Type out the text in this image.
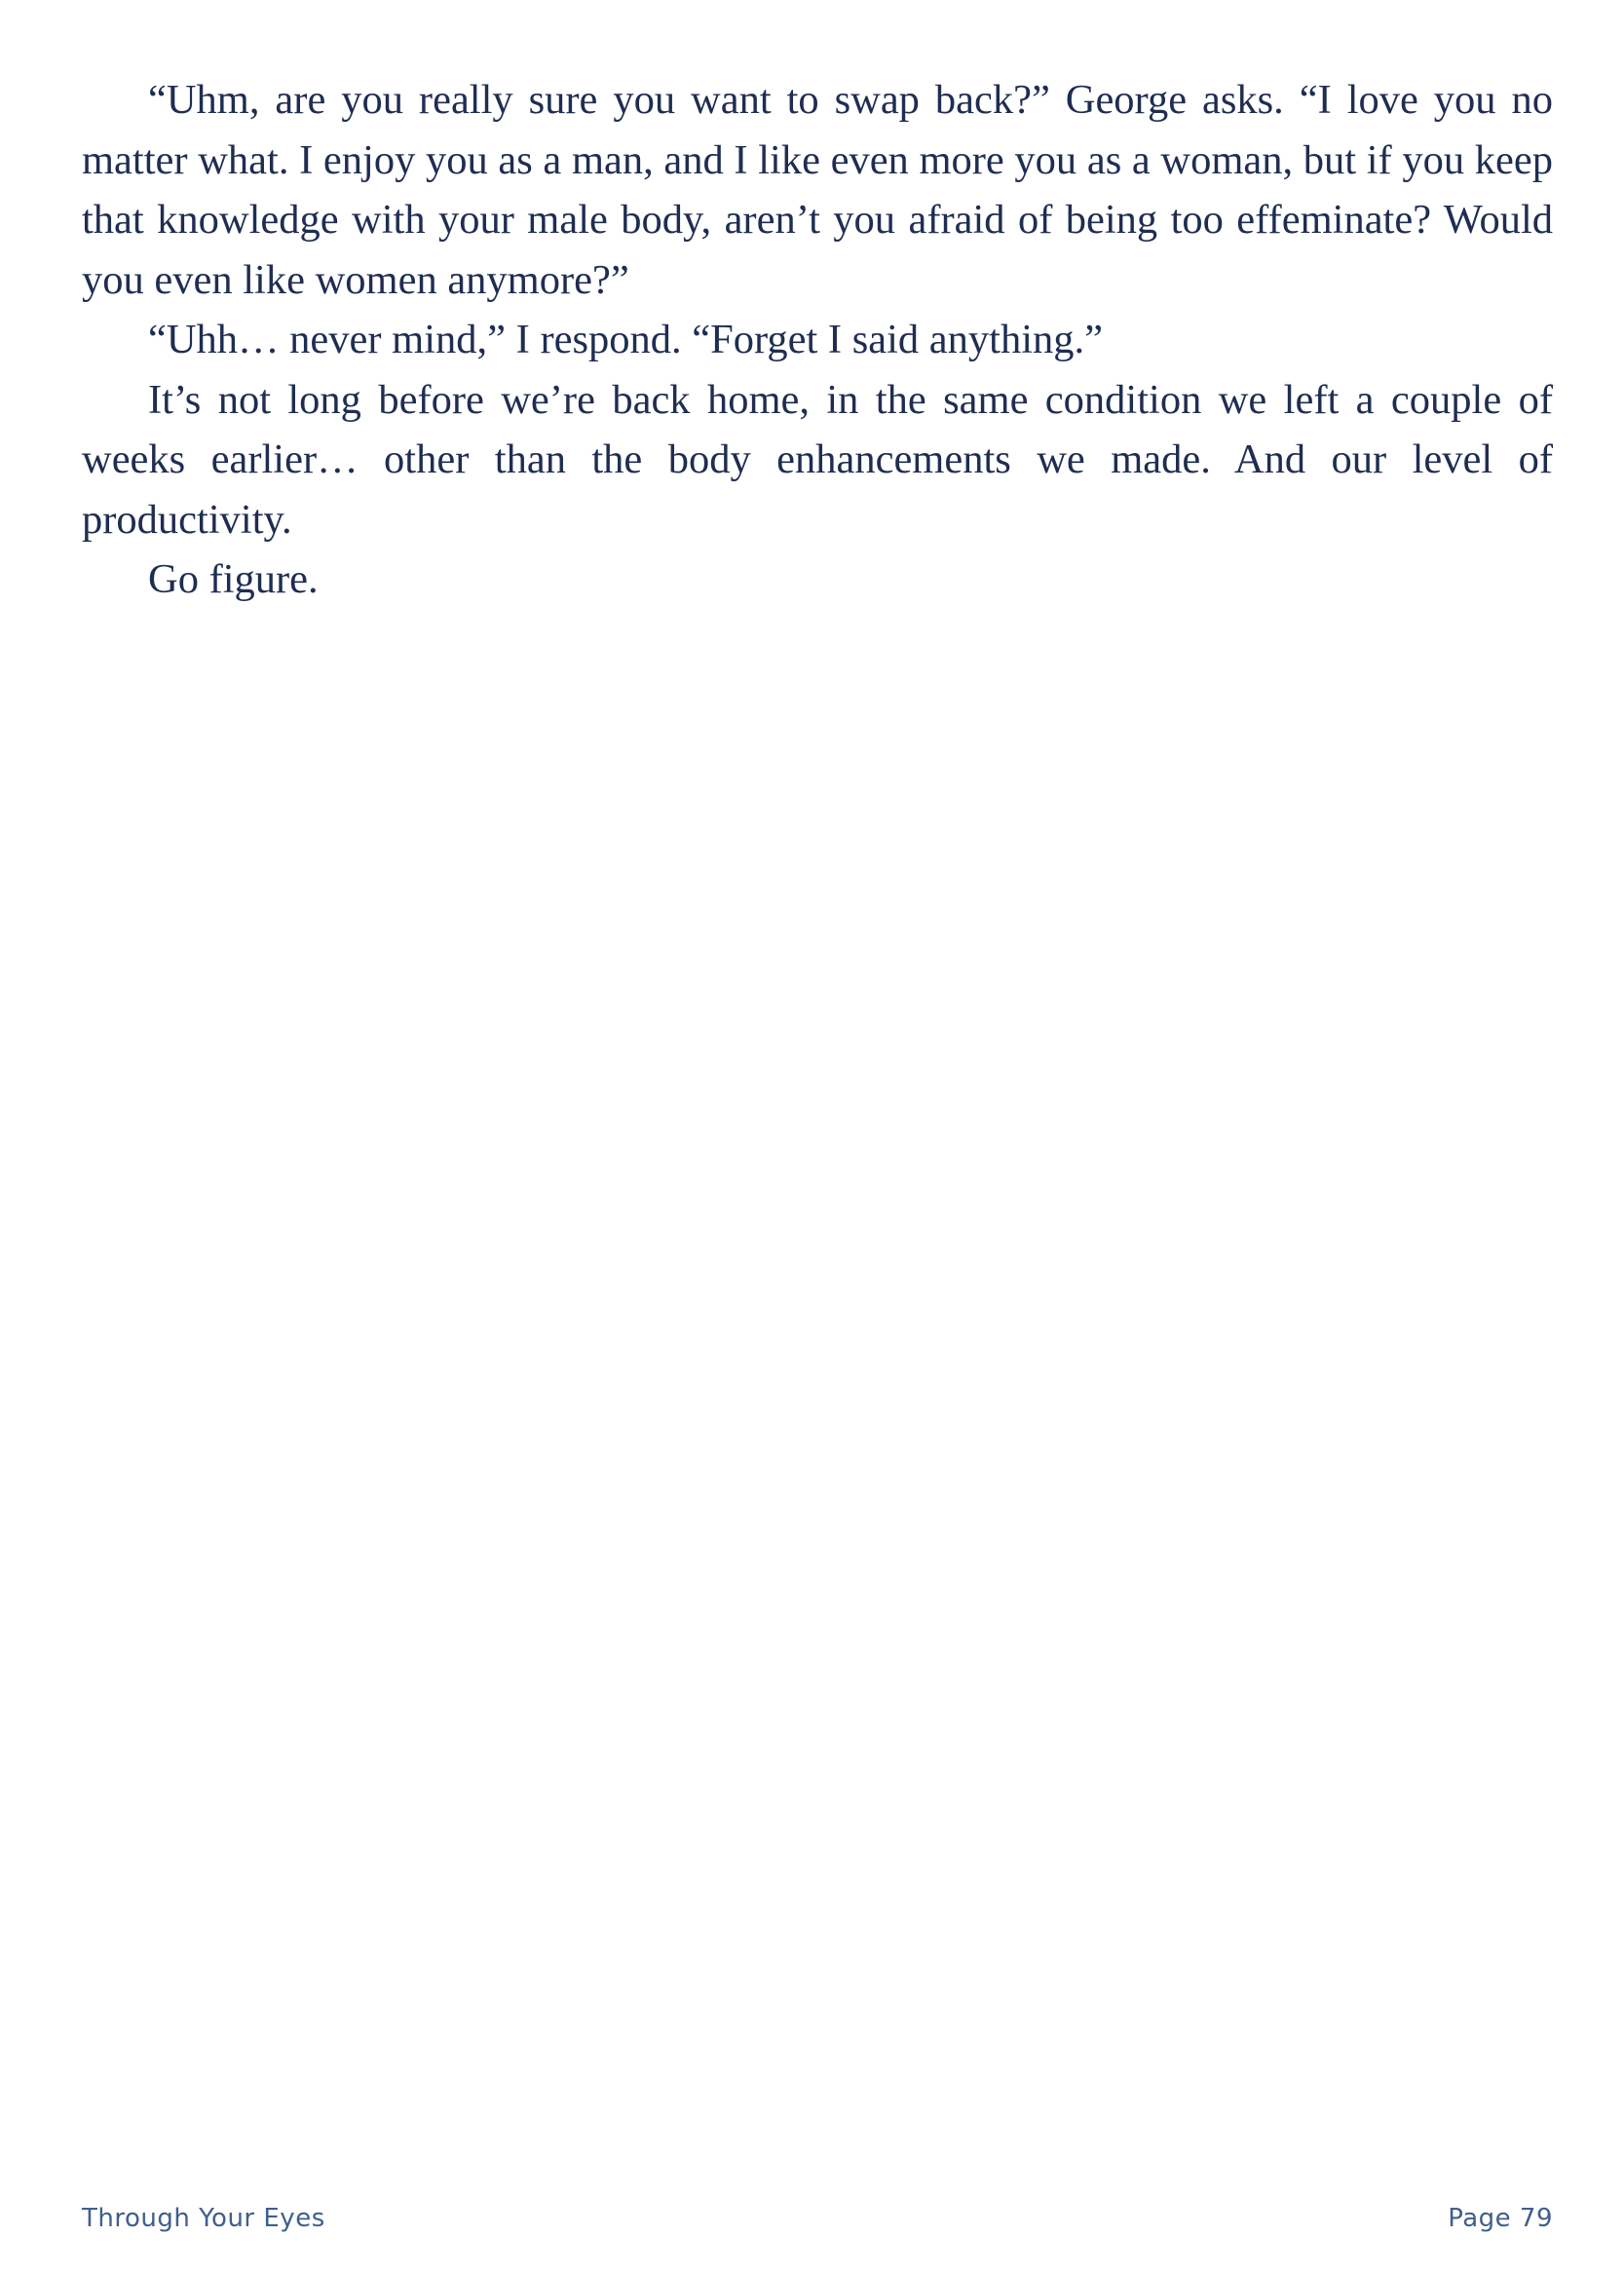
“Uhm, are you really sure you want to swap back?” George asks. “I love you no matter what. I enjoy you as a man, and I like even more you as a woman, but if you keep that knowledge with your male body, aren’t you afraid of being too effeminate? Would you even like women anymore?”

“Uhh… never mind,” I respond. “Forget I said anything.”

It’s not long before we’re back home, in the same condition we left a couple of weeks earlier… other than the body enhancements we made. And our level of productivity.

Go figure.

Through Your Eyes	Page 79
